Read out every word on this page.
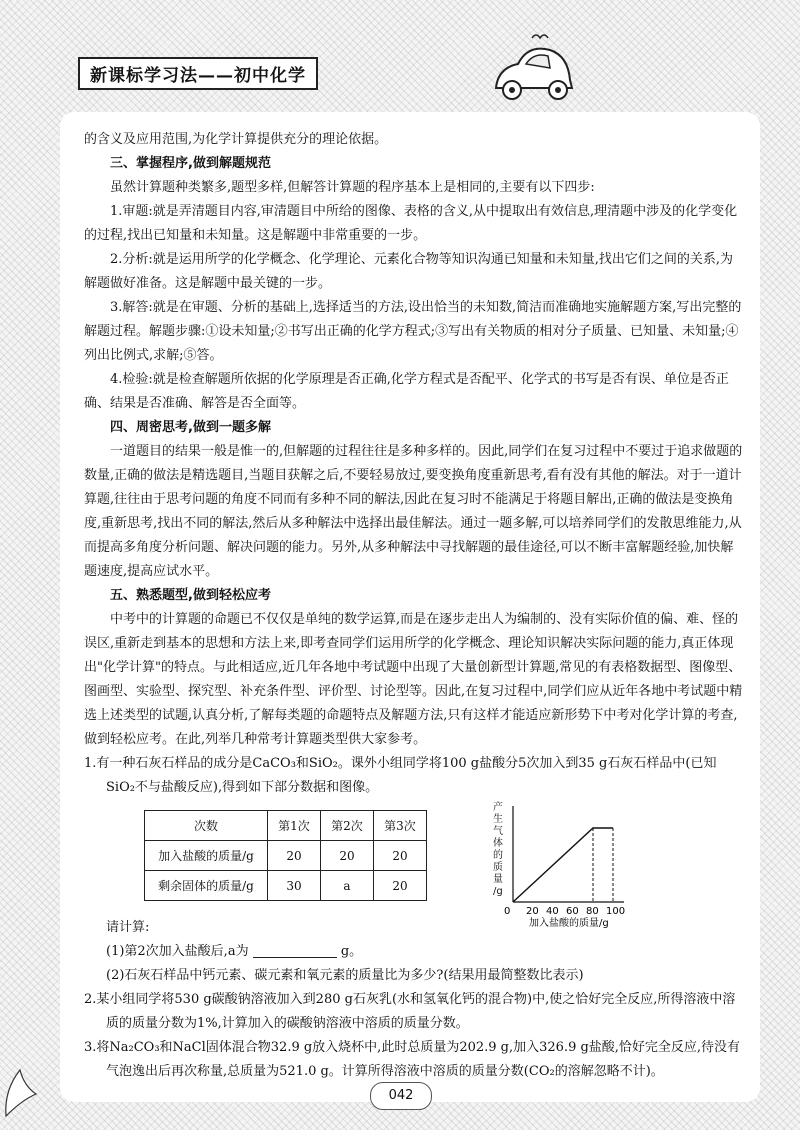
新课标学习法——初中化学

的含义及应用范围,为化学计算提供充分的理论依据。

三、掌握程序,做到解题规范

虽然计算题种类繁多,题型多样,但解答计算题的程序基本上是相同的,主要有以下四步:

1.审题:就是弄清题目内容,审清题目中所给的图像、表格的含义,从中提取出有效信息,理清题中涉及的化学变化的过程,找出已知量和未知量。这是解题中非常重要的一步。

2.分析:就是运用所学的化学概念、化学理论、元素化合物等知识沟通已知量和未知量,找出它们之间的关系,为解题做好准备。这是解题中最关键的一步。

3.解答:就是在审题、分析的基础上,选择适当的方法,设出恰当的未知数,简洁而准确地实施解题方案,写出完整的解题过程。解题步骤:①设未知量;②书写出正确的化学方程式;③写出有关物质的相对分子质量、已知量、未知量;④列出比例式,求解;⑤答。

4.检验:就是检查解题所依据的化学原理是否正确,化学方程式是否配平、化学式的书写是否有误、单位是否正确、结果是否准确、解答是否全面等。

四、周密思考,做到一题多解

一道题目的结果一般是惟一的,但解题的过程往往是多种多样的。因此,同学们在复习过程中不要过于追求做题的数量,正确的做法是精选题目,当题目获解之后,不要轻易放过,要变换角度重新思考,看有没有其他的解法。对于一道计算题,往往由于思考问题的角度不同而有多种不同的解法,因此在复习时不能满足于将题目解出,正确的做法是变换角度,重新思考,找出不同的解法,然后从多种解法中选择出最佳解法。通过一题多解,可以培养同学们的发散思维能力,从而提高多角度分析问题、解决问题的能力。另外,从多种解法中寻找解题的最佳途径,可以不断丰富解题经验,加快解题速度,提高应试水平。

五、熟悉题型,做到轻松应考

中考中的计算题的命题已不仅仅是单纯的数学运算,而是在逐步走出人为编制的、没有实际价值的偏、难、怪的误区,重新走到基本的思想和方法上来,即考查同学们运用所学的化学概念、理论知识解决实际问题的能力,真正体现出"化学计算"的特点。与此相适应,近几年各地中考试题中出现了大量创新型计算题,常见的有表格数据型、图像型、图画型、实验型、探究型、补充条件型、评价型、讨论型等。因此,在复习过程中,同学们应从近年各地中考试题中精选上述类型的试题,认真分析,了解每类题的命题特点及解题方法,只有这样才能适应新形势下中考对化学计算的考查,做到轻松应考。在此,列举几种常考计算题类型供大家参考。

1.有一种石灰石样品的成分是CaCO₃和SiO₂。课外小组同学将100 g盐酸分5次加入到35 g石灰石样品中(已知SiO₂不与盐酸反应),得到如下部分数据和图像。

次数	第1次	第2次	第3次
加入盐酸的质量/g	20	20	20
剩余固体的质量/g	30	a	20
产
生
气
体
的
质
量
/g
0 20 40 60 80 100
加入盐酸的质量/g

请计算:

(1)第2次加入盐酸后,a为	g。

(2)石灰石样品中钙元素、碳元素和氧元素的质量比为多少?(结果用最简整数比表示)

2.某小组同学将530 g碳酸钠溶液加入到280 g石灰乳(水和氢氧化钙的混合物)中,使之恰好完全反应,所得溶液中溶质的质量分数为1%,计算加入的碳酸钠溶液中溶质的质量分数。

3.将Na₂CO₃和NaCl固体混合物32.9 g放入烧杯中,此时总质量为202.9 g,加入326.9 g盐酸,恰好完全反应,待没有气泡逸出后再次称量,总质量为521.0 g。计算所得溶液中溶质的质量分数(CO₂的溶解忽略不计)。

042
